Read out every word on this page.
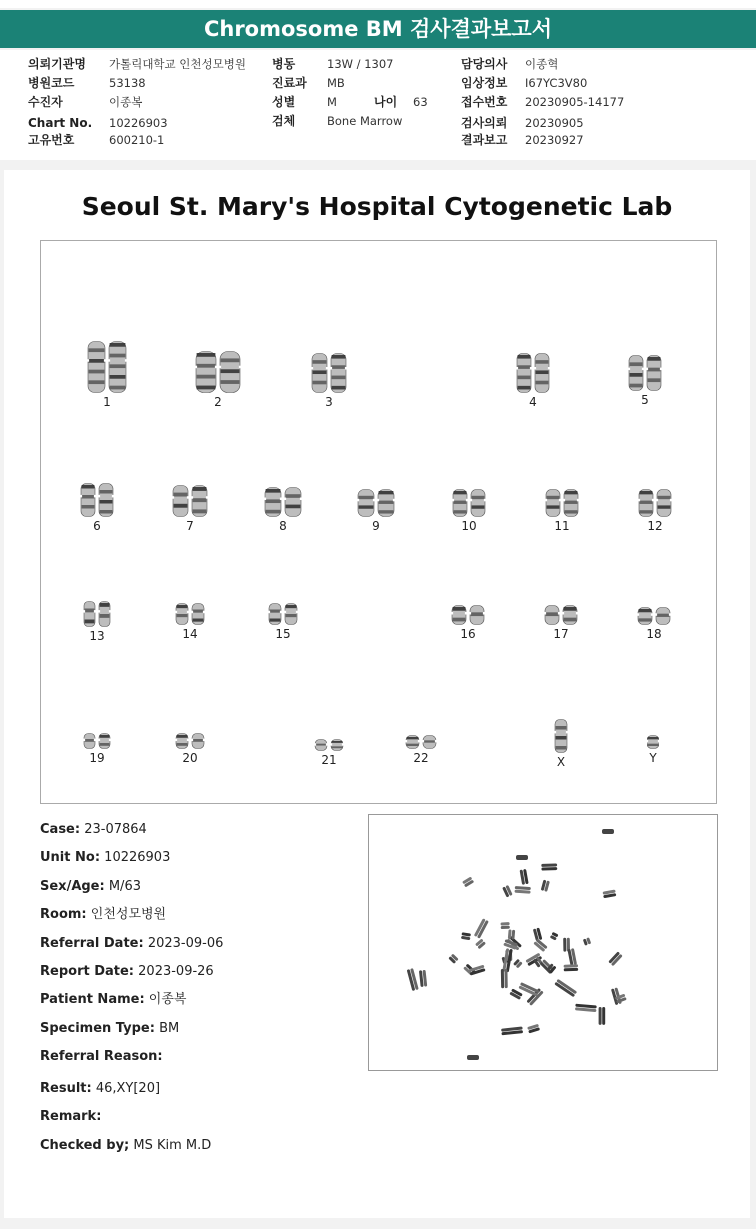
Chromosome BM 검사결과보고서
의뢰기관명 가톨릭대학교 인천성모병원
병원코드	53138
수진자	이종복
Chart No. 10226903
고유번호	600210-1
병동	13W / 1307
진료과 MB
성별	M	나이 63
검체	Bone Marrow
담당의사 이종혁
임상정보 I67YC3V80
접수번호 20230905-14177
검사의뢰 20230905
결과보고 20230927
Seoul St. Mary's Hospital Cytogenetic Lab
1	2	3	4	5
6	7	8	9	10	11	12
13	14	15	16	17	18
19	20	21	22	X	Y
Case: 23-07864
Unit No: 10226903
Sex/Age: M/63
Room: 인천성모병원
Referral Date: 2023-09-06
Report Date: 2023-09-26
Patient Name: 이종복
Specimen Type: BM
Referral Reason:
Result: 46,XY[20]
Remark:
Checked by; MS Kim M.D
